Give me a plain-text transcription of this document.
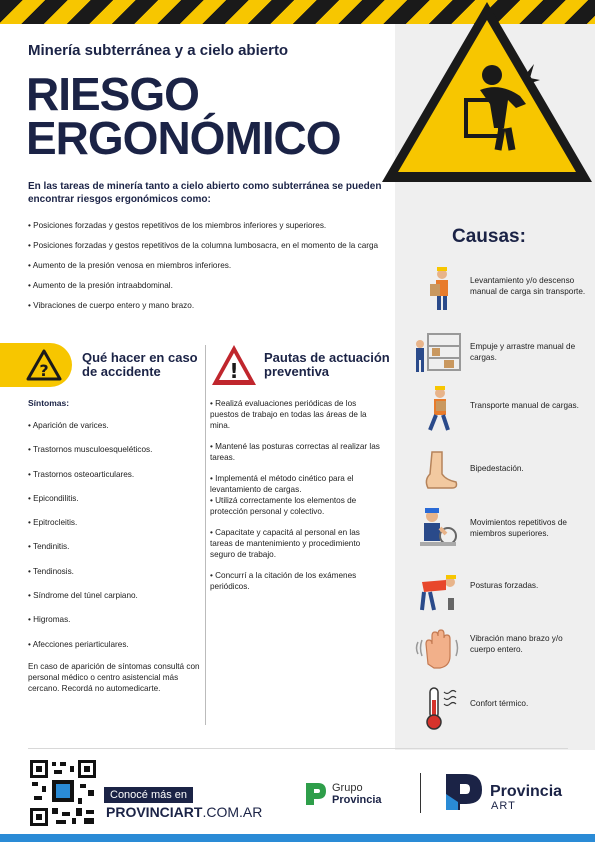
Minería subterránea y a cielo abierto
RIESGO
ERGONÓMICO
En las tareas de minería tanto a cielo abierto como subterránea se pueden encontrar riesgos ergonómicos como:
• Posiciones forzadas y gestos repetitivos de los miembros inferiores y superiores.
• Posiciones forzadas y gestos repetitivos de la columna lumbosacra, en el momento de la carga
• Aumento de la presión venosa en miembros inferiores.
• Aumento de la presión intraabdominal.
• Vibraciones de cuerpo entero y mano brazo.
?
Qué hacer en caso de accidente	!
Pautas de actuación preventiva
Síntomas:
• Aparición de varices.
• Trastornos musculoesqueléticos.
• Trastornos osteoarticulares.
• Epicondilitis.
• Epitrocleitis.
• Tendinitis.
• Tendinosis.
• Síndrome del túnel carpiano.
• Higromas.
• Afecciones periarticulares.
En caso de aparición de síntomas consultá con personal médico o centro asistencial más cercano. Recordá no automedicarte.
• Realizá evaluaciones periódicas de los puestos de trabajo en todas las áreas de la mina.
• Mantené las posturas correctas al realizar las tareas.
• Implementá el método cinético para el levantamiento de cargas.
• Utilizá correctamente los elementos de protección personal y colectivo.
• Capacitate y capacitá al personal en las tareas de mantenimiento y procedimiento seguro de trabajo.
• Concurrí a la citación de los exámenes periódicos.
Causas:
Levantamiento y/o descenso manual de carga sin transporte.
Empuje y arrastre manual de cargas.
Transporte manual de cargas.
Bipedestación.
Movimientos repetitivos de miembros superiores.
Posturas forzadas.
Vibración mano brazo y/o cuerpo entero.
Confort térmico.
Conocé más en
PROVINCIART.COM.AR
Grupo
Provincia	Provincia
ART
